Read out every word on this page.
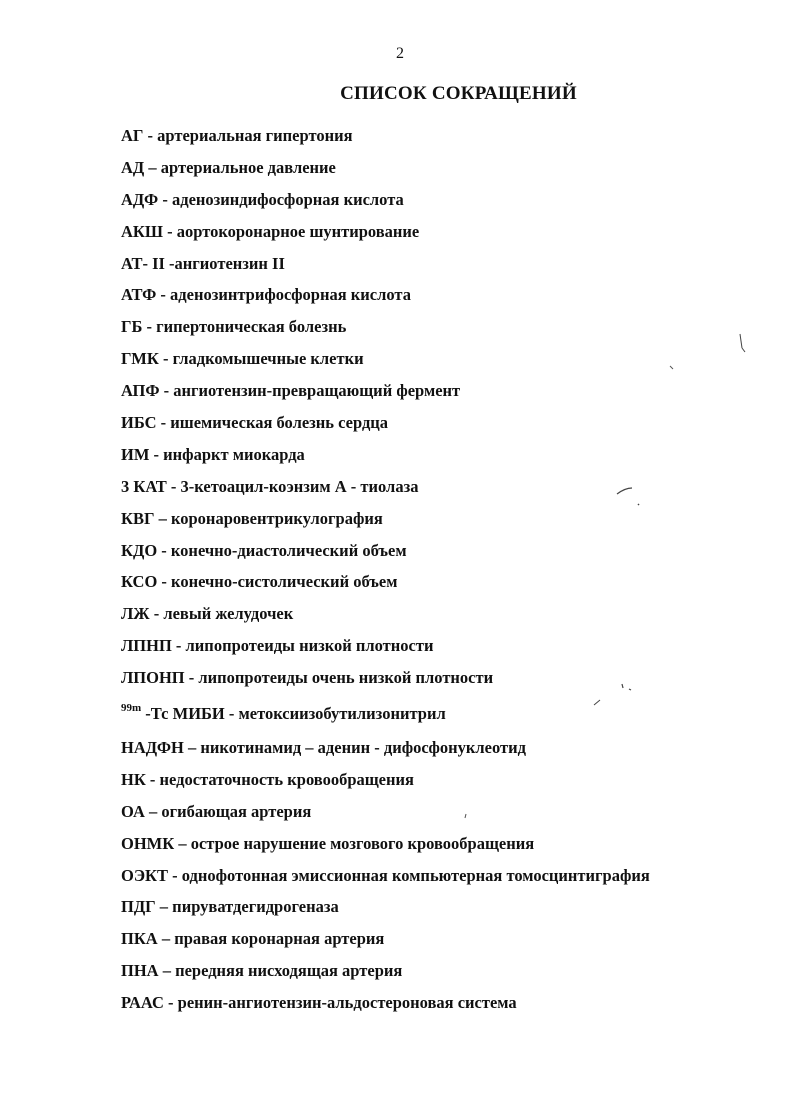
2
СПИСОК СОКРАЩЕНИЙ
АГ - артериальная гипертония
АД – артериальное давление
АДФ - аденозиндифосфорная кислота
АКШ - аортокоронарное шунтирование
АТ- II -ангиотензин II
АТФ - аденозинтрифосфорная кислота
ГБ - гипертоническая болезнь
ГМК - гладкомышечные клетки
АПФ - ангиотензин-превращающий фермент
ИБС - ишемическая болезнь сердца
ИМ - инфаркт миокарда
3 КАТ - 3-кетоацил-коэнзим А - тиолаза
КВГ – коронаровентрикулография
КДО - конечно-диастолический объем
КСО - конечно-систолический объем
ЛЖ - левый желудочек
ЛПНП - липопротеиды низкой плотности
ЛПОНП - липопротеиды очень низкой плотности
$^{99m}$ -Тс МИБИ - метоксиизобутилизонитрил
НАДФН – никотинамид – аденин - дифосфонуклеотид
НК - недостаточность кровообращения
ОА – огибающая артерия
ОНМК – острое нарушение мозгового кровообращения
ОЭКТ - однофотонная эмиссионная компьютерная томосцинтиграфия
ПДГ – пируватдегидрогеназа
ПКА – правая коронарная артерия
ПНА – передняя нисходящая артерия
РААС - ренин-ангиотензин-альдостероновая система
